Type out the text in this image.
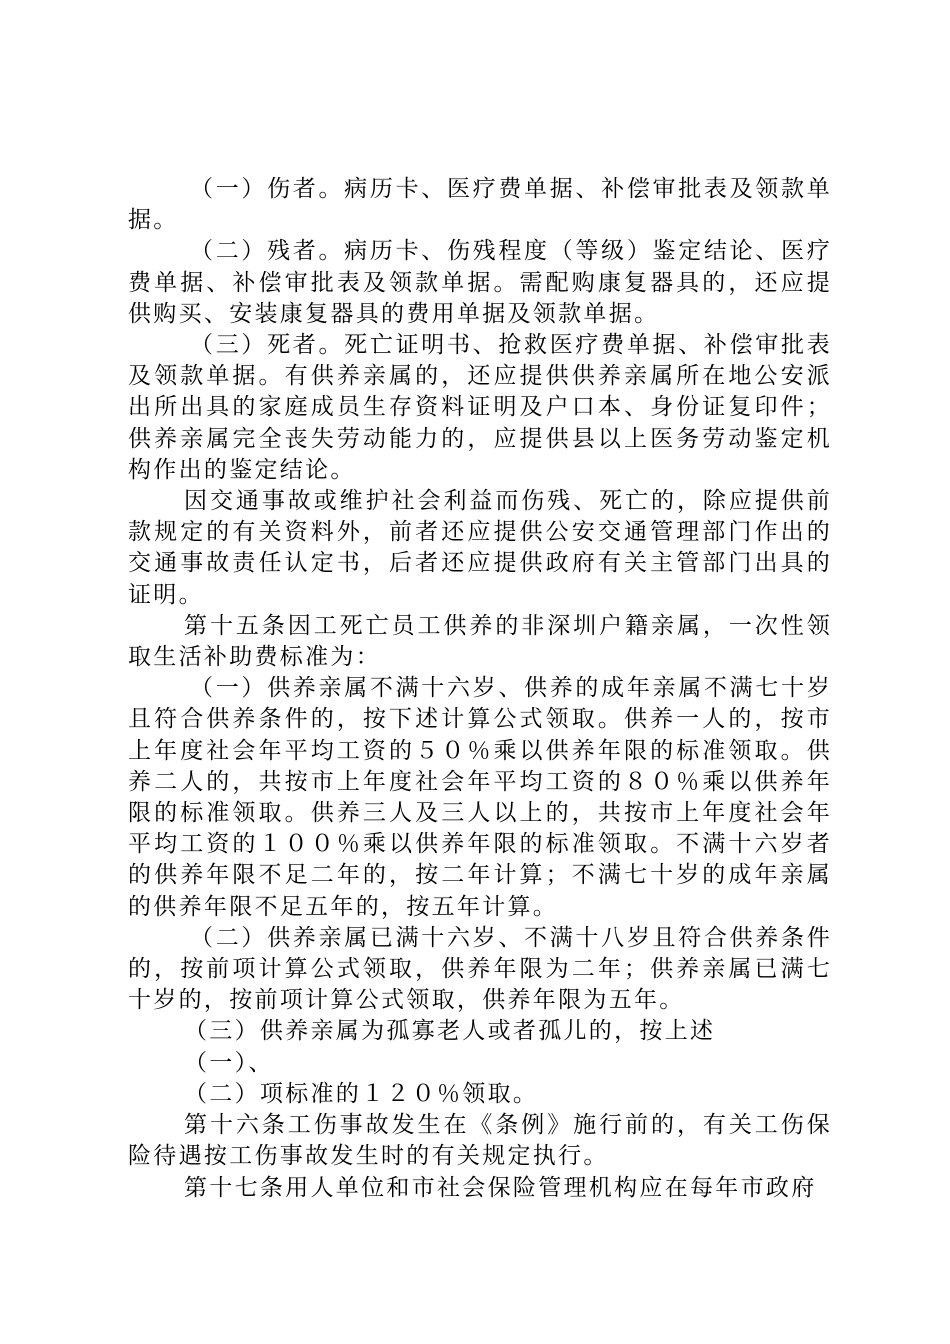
（一）伤者。病历卡、医疗费单据、补偿审批表及领款单据。

（二）残者。病历卡、伤残程度（等级）鉴定结论、医疗费单据、补偿审批表及领款单据。需配购康复器具的，还应提供购买、安装康复器具的费用单据及领款单据。

（三）死者。死亡证明书、抢救医疗费单据、补偿审批表及领款单据。有供养亲属的，还应提供供养亲属所在地公安派出所出具的家庭成员生存资料证明及户口本、身份证复印件；供养亲属完全丧失劳动能力的，应提供县以上医务劳动鉴定机构作出的鉴定结论。

因交通事故或维护社会利益而伤残、死亡的，除应提供前款规定的有关资料外，前者还应提供公安交通管理部门作出的交通事故责任认定书，后者还应提供政府有关主管部门出具的证明。

第十五条因工死亡员工供养的非深圳户籍亲属，一次性领取生活补助费标准为：

（一）供养亲属不满十六岁、供养的成年亲属不满七十岁且符合供养条件的，按下述计算公式领取。供养一人的，按市上年度社会年平均工资的５０％乘以供养年限的标准领取。供养二人的，共按市上年度社会年平均工资的８０％乘以供养年限的标准领取。供养三人及三人以上的，共按市上年度社会年平均工资的１００％乘以供养年限的标准领取。不满十六岁者的供养年限不足二年的，按二年计算；不满七十岁的成年亲属的供养年限不足五年的，按五年计算。

（二）供养亲属已满十六岁、不满十八岁且符合供养条件的，按前项计算公式领取，供养年限为二年；供养亲属已满七十岁的，按前项计算公式领取，供养年限为五年。

（三）供养亲属为孤寡老人或者孤儿的，按上述

（一）、

（二）项标准的１２０％领取。

第十六条工伤事故发生在《条例》施行前的，有关工伤保险待遇按工伤事故发生时的有关规定执行。

第十七条用人单位和市社会保险管理机构应在每年市政府
